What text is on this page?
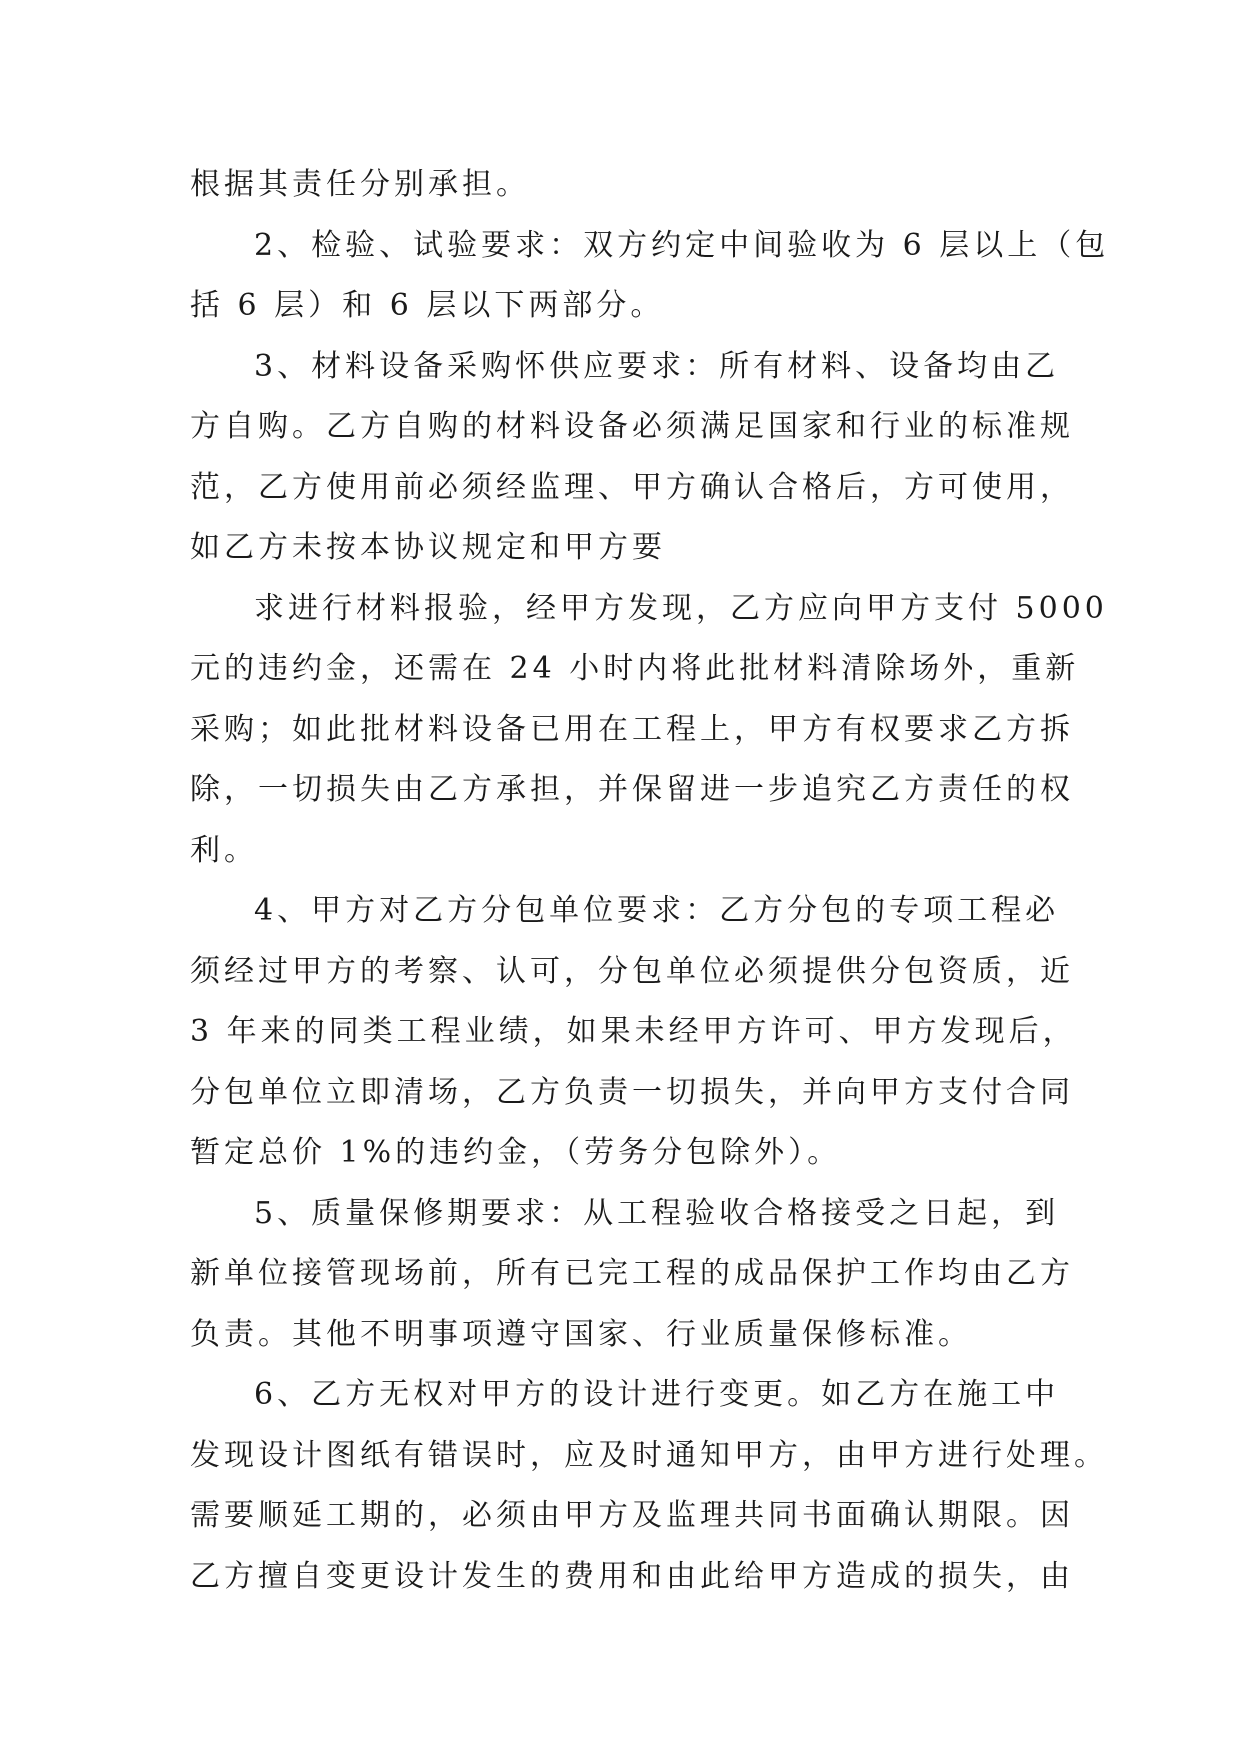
根据其责任分别承担。
2、检验、试验要求：双方约定中间验收为 6 层以上（包
括 6 层）和 6 层以下两部分。
3、材料设备采购怀供应要求：所有材料、设备均由乙
方自购。乙方自购的材料设备必须满足国家和行业的标准规
范，乙方使用前必须经监理、甲方确认合格后，方可使用，
如乙方未按本协议规定和甲方要
求进行材料报验，经甲方发现，乙方应向甲方支付 5000
元的违约金，还需在 24 小时内将此批材料清除场外，重新
采购；如此批材料设备已用在工程上，甲方有权要求乙方拆
除，一切损失由乙方承担，并保留进一步追究乙方责任的权
利。
4、甲方对乙方分包单位要求：乙方分包的专项工程必
须经过甲方的考察、认可，分包单位必须提供分包资质，近
3 年来的同类工程业绩，如果未经甲方许可、甲方发现后，
分包单位立即清场，乙方负责一切损失，并向甲方支付合同
暂定总价 1%的违约金，（劳务分包除外）。
5、质量保修期要求：从工程验收合格接受之日起，到
新单位接管现场前，所有已完工程的成品保护工作均由乙方
负责。其他不明事项遵守国家、行业质量保修标准。
6、乙方无权对甲方的设计进行变更。如乙方在施工中
发现设计图纸有错误时，应及时通知甲方，由甲方进行处理。
需要顺延工期的，必须由甲方及监理共同书面确认期限。因
乙方擅自变更设计发生的费用和由此给甲方造成的损失，由
